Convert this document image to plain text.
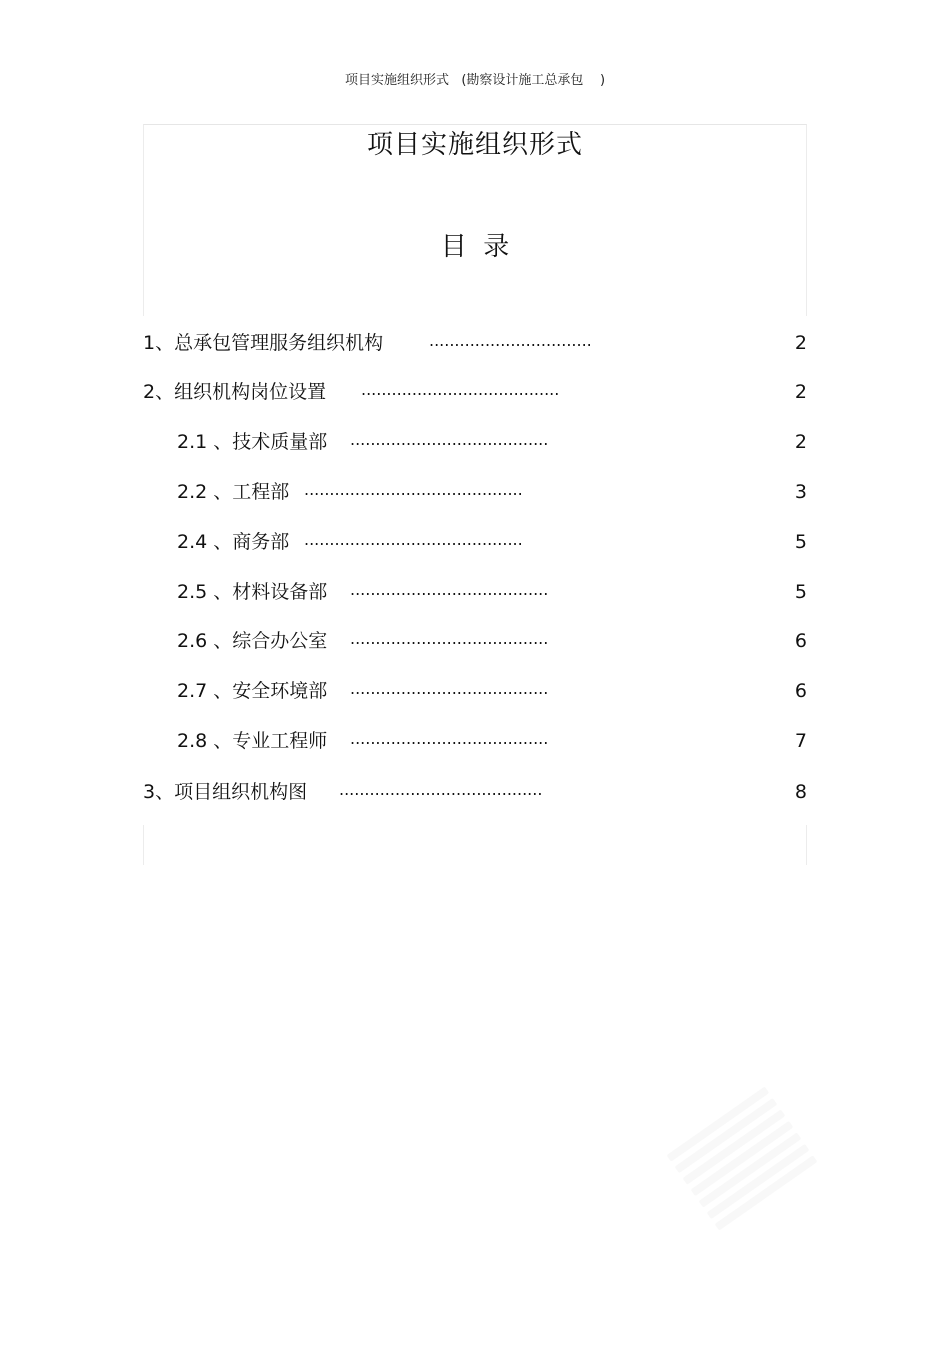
项目实施组织形式   (勘察设计施工总承包    )
项目实施组织形式
目  录
1、总承包管理服务组织机构	................................	2
2、组织机构岗位设置 .......................................	2
2.1 、技术质量部 .......................................	2
2.2 、工程部 ...........................................	3
2.4 、商务部 ...........................................	5
2.5 、材料设备部 .......................................	5
2.6 、综合办公室 .......................................	6
2.7 、安全环境部 .......................................	6
2.8 、专业工程师 .......................................	7
3、项目组织机构图 ........................................	8
